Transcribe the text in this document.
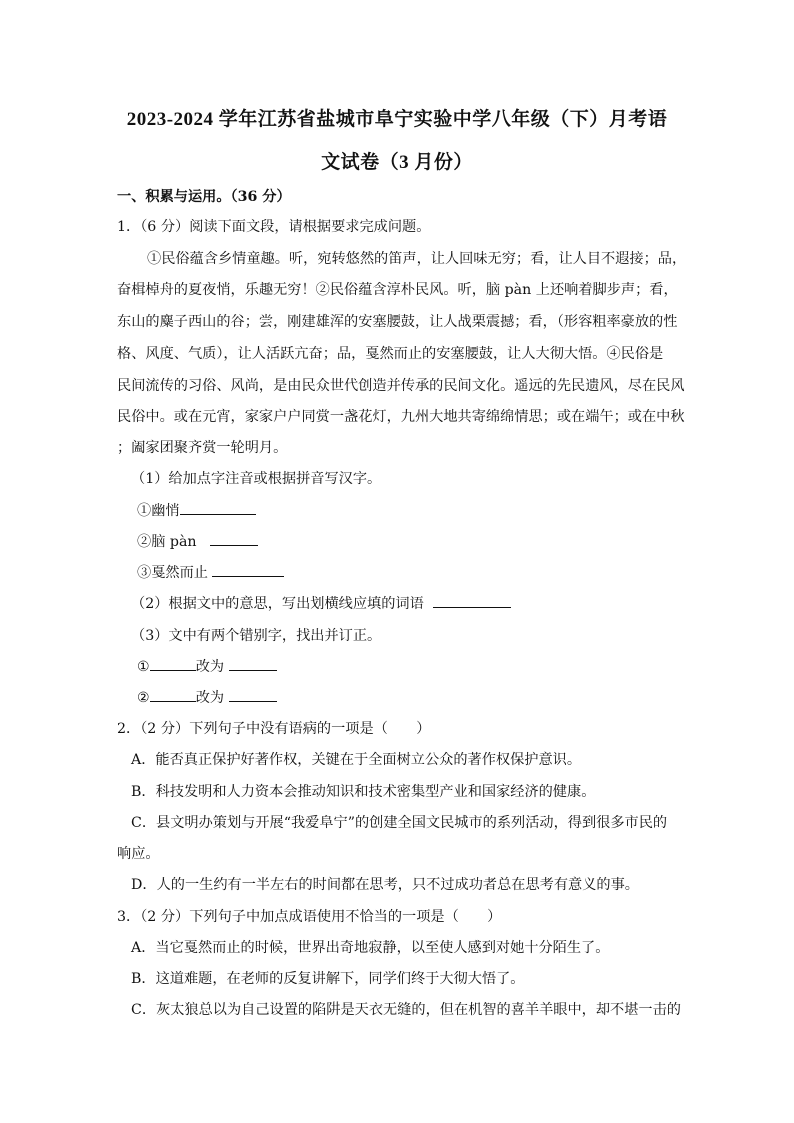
2023-2024 学年江苏省盐城市阜宁实验中学八年级（下）月考语
文试卷（3 月份）
一、积累与运用。（36 分）
1．（6 分）阅读下面文段，请根据要求完成问题。
①民俗蕴含乡情童趣。听，宛转悠然的笛声，让人回味无穷；看，让人目不遐接；品，
奋楫棹舟的夏夜悄，乐趣无穷！②民俗蕴含淳朴民风。听，脑 pàn 上还响着脚步声；看，
东山的麋子西山的谷；尝，刚建雄浑的安塞腰鼓，让人战栗震撼；看，（形容粗率豪放的性
格、风度、气质），让人活跃亢奋；品，戛然而止的安塞腰鼓，让人大彻大悟。④民俗是
民间流传的习俗、风尚，是由民众世代创造并传承的民间文化。遥远的先民遗风，尽在民风
民俗中。或在元宵，家家户户同赏一盏花灯，九州大地共寄绵绵情思；或在端午；或在中秋
；阖家团聚齐赏一轮明月。
（1）给加点字注音或根据拼音写汉字。
①幽悄
②脑 pàn
③戛然而止
（2）根据文中的意思，写出划横线应填的词语
（3）文中有两个错别字，找出并订正。
①	改为
②	改为
2．（2 分）下列句子中没有语病的一项是（　　）
A．能否真正保护好著作权，关键在于全面树立公众的著作权保护意识。
B．科技发明和人力资本会推动知识和技术密集型产业和国家经济的健康。
C．县文明办策划与开展“我爱阜宁”的创建全国文民城市的系列活动，得到很多市民的
响应。
D．人的一生约有一半左右的时间都在思考，只不过成功者总在思考有意义的事。
3．（2 分）下列句子中加点成语使用不恰当的一项是（　　）
A．当它戛然而止的时候，世界出奇地寂静，以至使人感到对她十分陌生了。
B．这道难题，在老师的反复讲解下，同学们终于大彻大悟了。
C．灰太狼总以为自己设置的陷阱是天衣无缝的，但在机智的喜羊羊眼中，却不堪一击的
